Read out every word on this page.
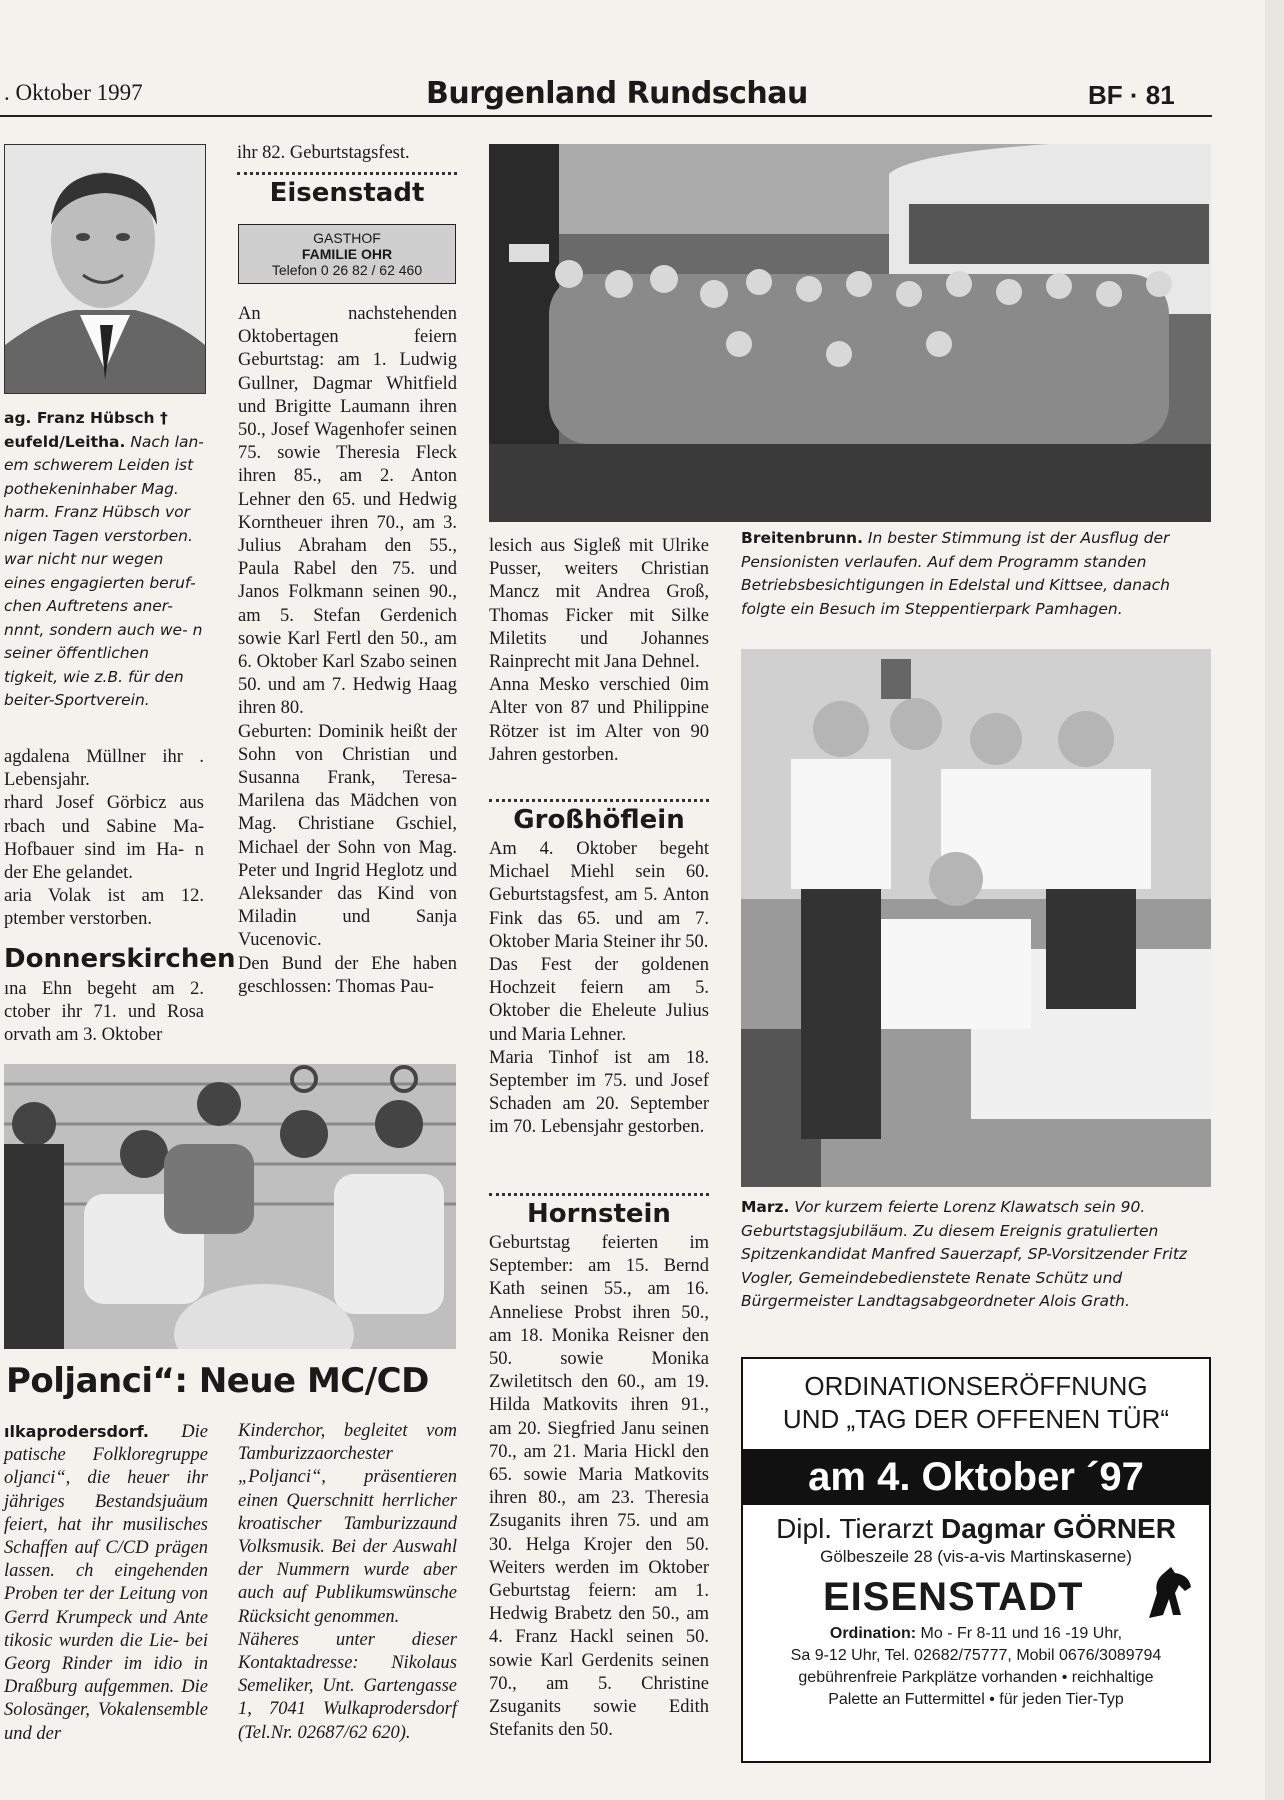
. Oktober 1997	Burgenland Rundschau	BF · 81
ag. Franz Hübsch †
eufeld/Leitha. Nach lan- em schwerem Leiden ist pothekeninhaber Mag. harm. Franz Hübsch vor nigen Tagen verstorben. war nicht nur wegen eines engagierten beruf- chen Auftretens aner- nnnt, sondern auch we- n seiner öffentlichen tigkeit, wie z.B. für den beiter-Sportverein.

agdalena Müllner ihr . Lebensjahr.

rhard Josef Görbicz aus rbach und Sabine Ma- Hofbauer sind im Ha- n der Ehe gelandet.

aria Volak ist am 12. ptember verstorben.

Donnerskirchen
ına Ehn begeht am 2. ctober ihr 71. und Rosa orvath am 3. Oktober
ihr 82. Geburtstagsfest.
Eisenstadt
GASTHOF
FAMILIE OHR
Telefon 0 26 82 / 62 460

An nachstehenden Oktobertagen feiern Geburtstag: am 1. Ludwig Gullner, Dagmar Whitfield und Brigitte Laumann ihren 50., Josef Wagenhofer seinen 75. sowie Theresia Fleck ihren 85., am 2. Anton Lehner den 65. und Hedwig Korntheuer ihren 70., am 3. Julius Abraham den 55., Paula Rabel den 75. und Janos Folkmann seinen 90., am 5. Stefan Gerdenich sowie Karl Fertl den 50., am 6. Oktober Karl Szabo seinen 50. und am 7. Hedwig Haag ihren 80.

Geburten: Dominik heißt der Sohn von Christian und Susanna Frank, Teresa-Marilena das Mädchen von Mag. Christiane Gschiel, Michael der Sohn von Mag. Peter und Ingrid Heglotz und Aleksander das Kind von Miladin und Sanja Vucenovic.

Den Bund der Ehe haben geschlossen: Thomas Pau-

Breitenbrunn. In bester Stimmung ist der Ausflug der Pensionisten verlaufen. Auf dem Programm standen Betriebsbesichtigungen in Edelstal und Kittsee, danach folgte ein Besuch im Steppentierpark Pamhagen.

lesich aus Sigleß mit Ulrike Pusser, weiters Christian Mancz mit Andrea Groß, Thomas Ficker mit Silke Miletits und Johannes Rainprecht mit Jana Dehnel.

Anna Mesko verschied 0im Alter von 87 und Philippine Rötzer ist im Alter von 90 Jahren gestorben.

Großhöflein

Am 4. Oktober begeht Michael Miehl sein 60. Geburtstagsfest, am 5. Anton Fink das 65. und am 7. Oktober Maria Steiner ihr 50.

Das Fest der goldenen Hochzeit feiern am 5. Oktober die Eheleute Julius und Maria Lehner.

Maria Tinhof ist am 18. September im 75. und Josef Schaden am 20. September im 70. Lebensjahr gestorben.

Hornstein
Geburtstag feierten im September: am 15. Bernd Kath seinen 55., am 16. Anneliese Probst ihren 50., am 18. Monika Reisner den 50. sowie Monika Zwiletitsch den 60., am 19. Hilda Matkovits ihren 91., am 20. Siegfried Janu seinen 70., am 21. Maria Hickl den 65. sowie Maria Matkovits ihren 80., am 23. Theresia Zsuganits ihren 75. und am 30. Helga Krojer den 50. Weiters werden im Oktober Geburtstag feiern: am 1. Hedwig Brabetz den 50., am 4. Franz Hackl seinen 50. sowie Karl Gerdenits seinen 70., am 5. Christine Zsuganits sowie Edith Stefanits den 50.
Marz. Vor kurzem feierte Lorenz Klawatsch sein 90. Geburtstagsjubiläum. Zu diesem Ereignis gratulierten Spitzenkandidat Manfred Sauerzapf, SP-Vorsitzender Fritz Vogler, Gemeindebedienstete Renate Schütz und Bürgermeister Landtagsabgeordneter Alois Grath.
Poljanci“: Neue MC/CD
ılkaprodersdorf. Die patische Folkloregruppe oljanci“, die heuer ihr jähriges Bestandsjuäum feiert, hat ihr musilisches Schaffen auf C/CD prägen lassen. ch eingehenden Proben ter der Leitung von Gerrd Krumpeck und Ante tikosic wurden die Lie- bei Georg Rinder im idio in Draßburg aufgemmen. Die Solosänger, Vokalensemble und der

Kinderchor, begleitet vom Tamburizzaorchester „Poljanci“, präsentieren einen Querschnitt herrlicher kroatischer Tamburizzaund Volksmusik. Bei der Auswahl der Nummern wurde aber auch auf Publikumswünsche Rücksicht genommen.

Näheres unter dieser Kontaktadresse: Nikolaus Semeliker, Unt. Gartengasse 1, 7041 Wulkaprodersdorf (Tel.Nr. 02687/62 620).

ORDINATIONSERÖFFNUNG
UND „TAG DER OFFENEN TÜR“
am 4. Oktober ´97
Dipl. Tierarzt Dagmar GÖRNER
Gölbeszeile 28 (vis-a-vis Martinskaserne)
EISENSTADT
Ordination: Mo - Fr 8-11 und 16 -19 Uhr,
Sa 9-12 Uhr, Tel. 02682/75777, Mobil 0676/3089794
gebührenfreie Parkplätze vorhanden • reichhaltige
Palette an Futtermittel • für jeden Tier-Typ
